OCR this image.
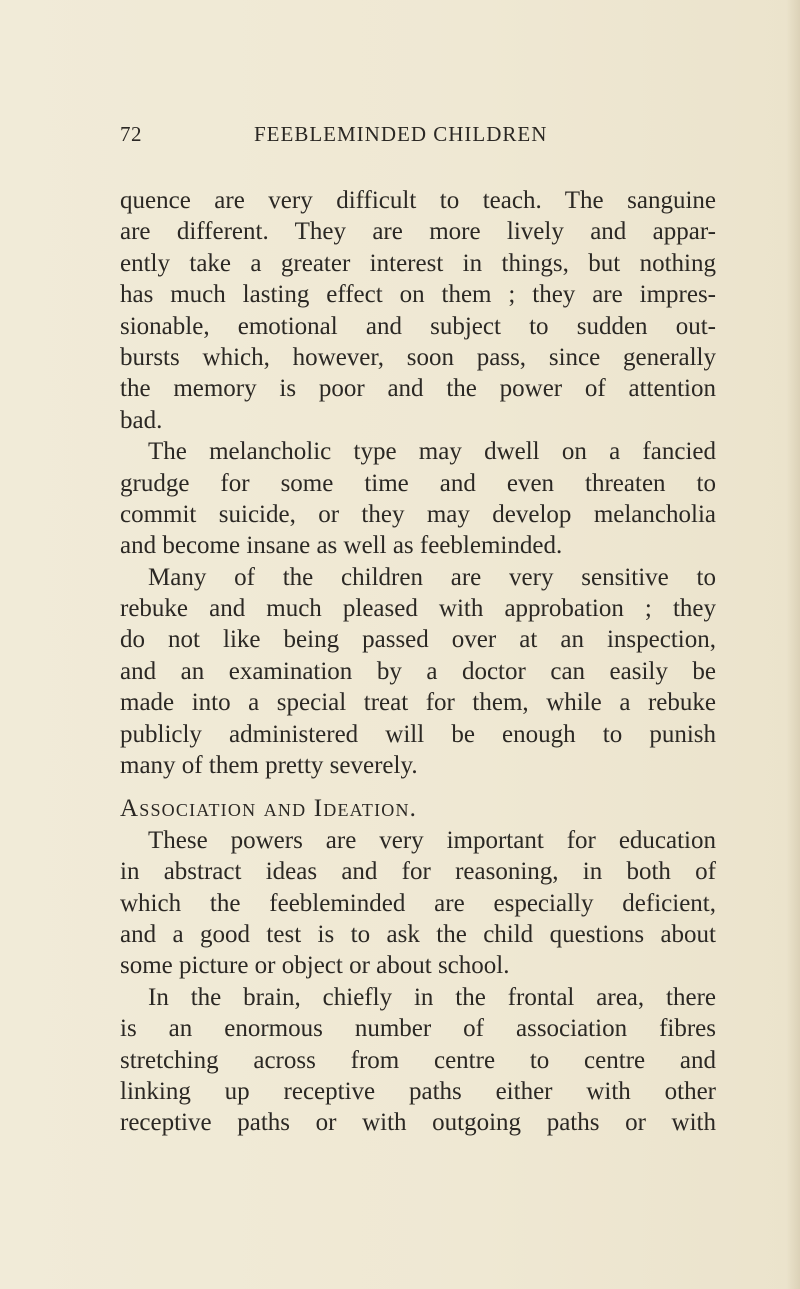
72	FEEBLEMINDED CHILDREN
quence are very difficult to teach. The sanguine
are different. They are more lively and appar-
ently take a greater interest in things, but nothing
has much lasting effect on them ; they are impres-
sionable, emotional and subject to sudden out-
bursts which, however, soon pass, since generally
the memory is poor and the power of attention
bad.
The melancholic type may dwell on a fancied
grudge for some time and even threaten to
commit suicide, or they may develop melancholia
and become insane as well as feebleminded.
Many of the children are very sensitive to
rebuke and much pleased with approbation ; they
do not like being passed over at an inspection,
and an examination by a doctor can easily be
made into a special treat for them, while a rebuke
publicly administered will be enough to punish
many of them pretty severely.
Association and Ideation.
These powers are very important for education
in abstract ideas and for reasoning, in both of
which the feebleminded are especially deficient,
and a good test is to ask the child questions about
some picture or object or about school.
In the brain, chiefly in the frontal area, there
is an enormous number of association fibres
stretching across from centre to centre and
linking up receptive paths either with other
receptive paths or with outgoing paths or with
